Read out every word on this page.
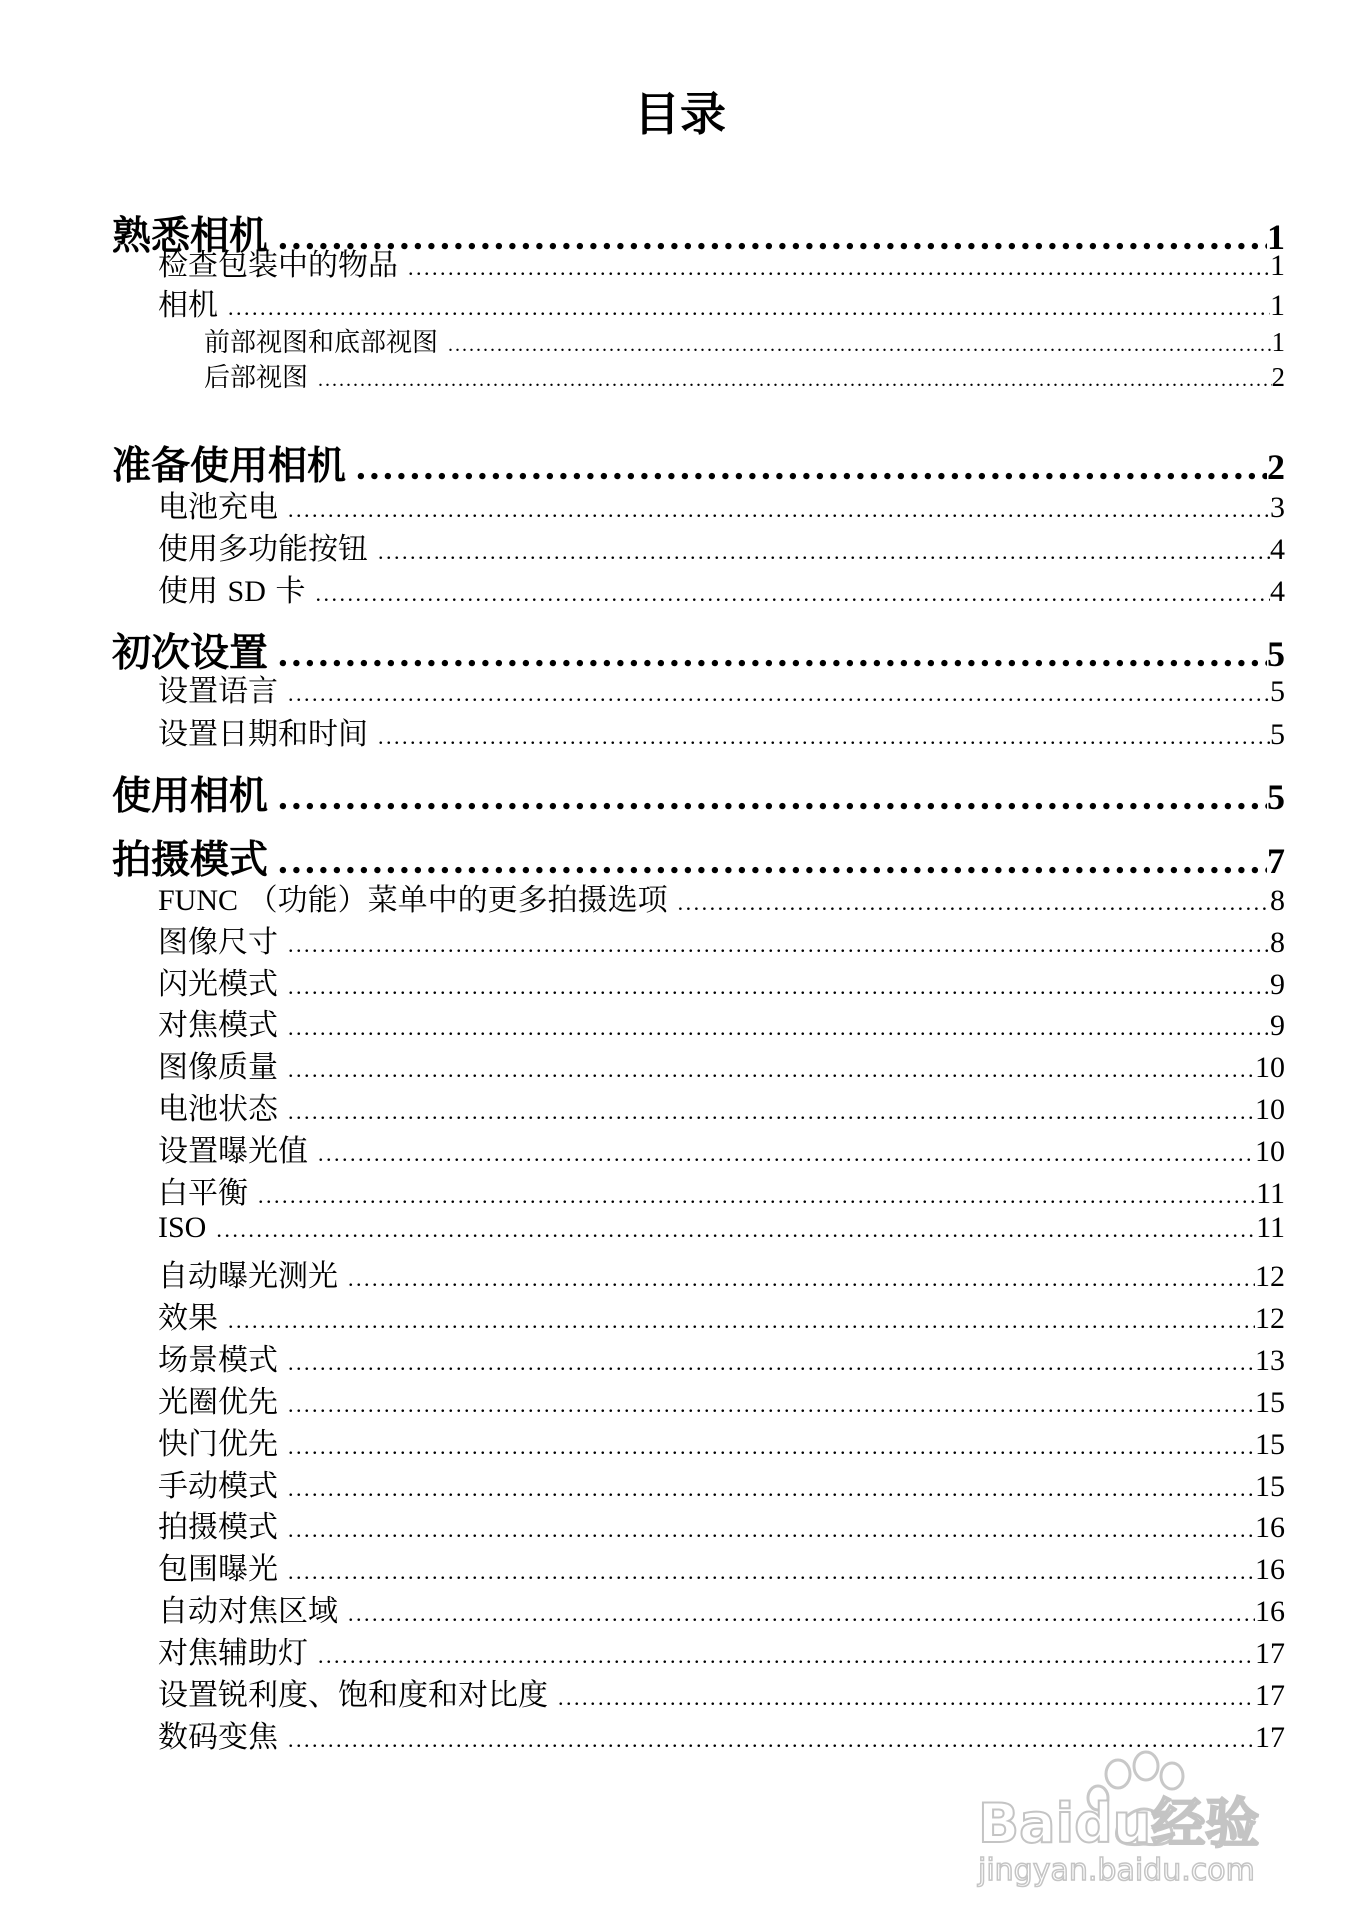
目录
熟悉相机 . . .	1
检查包装中的物品 . . .	1
相机 . . .	1
前部视图和底部视图 . . .	1
后部视图 . . .	2
准备使用相机 . . .	2
电池充电 . . .	3
使用多功能按钮 . . .	4
使用 SD 卡 . . .	4
初次设置 . . .	5
设置语言 . . .	5
设置日期和时间 . . .	5
使用相机 . . .	5
拍摄模式 . . .	7
FUNC （功能）菜单中的更多拍摄选项 . . .	8
图像尺寸 . . .	8
闪光模式 . . .	9
对焦模式 . . .	9
图像质量 . . .	10
电池状态 . . .	10
设置曝光值 . . .	10
白平衡 . . .	11
ISO . . .	11
自动曝光测光 . . .	12
效果 . . .	12
场景模式 . . .	13
光圈优先 . . .	15
快门优先 . . .	15
手动模式 . . .	15
拍摄模式 . . .	16
包围曝光 . . .	16
自动对焦区域 . . .	16
对焦辅助灯 . . .	17
设置锐利度、饱和度和对比度 . . .	17
数码变焦 . . .	17
Baidu经验
jingyan.baidu.com
